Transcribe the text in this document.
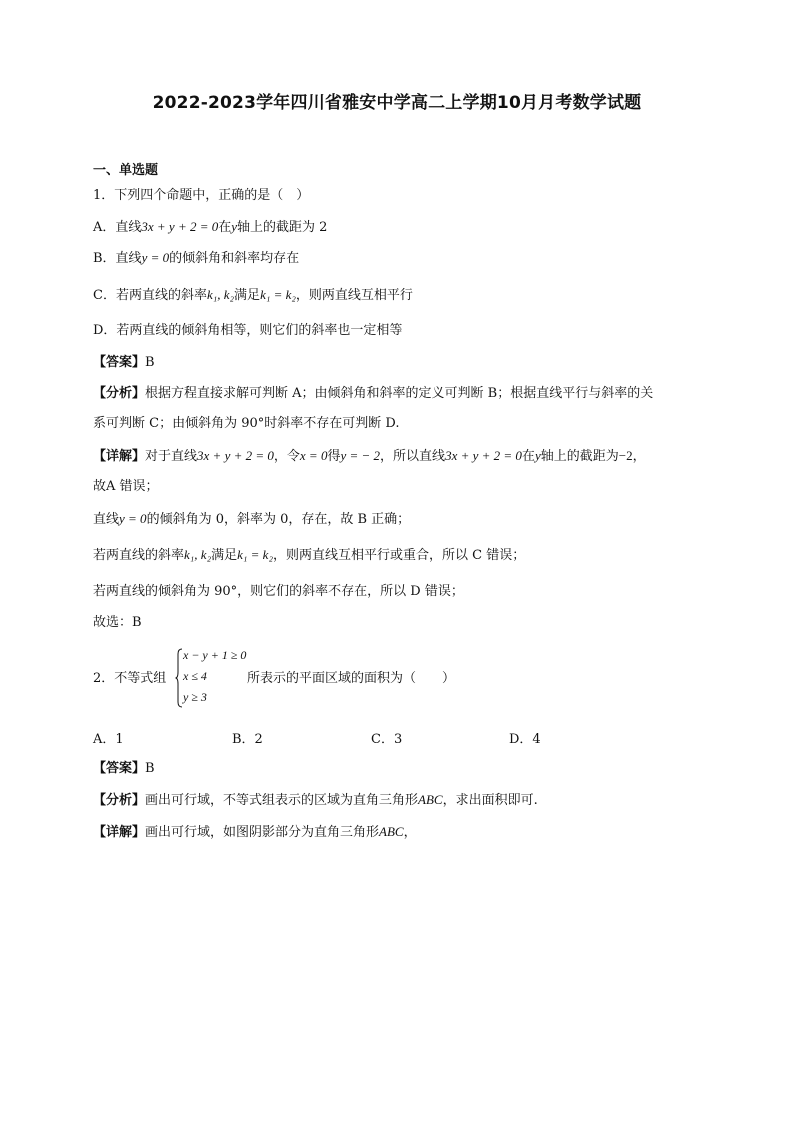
2022-2023学年四川省雅安中学高二上学期10月月考数学试题
一、单选题
1．下列四个命题中，正确的是（　）
A．直线3x + y + 2 = 0在y轴上的截距为 2
B．直线y = 0的倾斜角和斜率均存在
C．若两直线的斜率k₁, k₂满足k₁ = k₂，则两直线互相平行
D．若两直线的倾斜角相等，则它们的斜率也一定相等
【答案】B
【分析】根据方程直接求解可判断 A；由倾斜角和斜率的定义可判断 B；根据直线平行与斜率的关
系可判断 C；由倾斜角为 90°时斜率不存在可判断 D.
【详解】对于直线3x + y + 2 = 0，令x = 0得y = − 2，所以直线3x + y + 2 = 0在y轴上的截距为−2，
故A 错误；
直线y = 0的倾斜角为 0，斜率为 0，存在，故 B 正确；
若两直线的斜率k₁, k₂满足k₁ = k₂，则两直线互相平行或重合，所以 C 错误；
若两直线的倾斜角为 90°，则它们的斜率不存在，所以 D 错误；
故选：B
2．不等式组
x − y + 1 ≥ 0
x ≤ 4
y ≥ 3
所表示的平面区域的面积为（　　）
A．1	B．2	C．3	D．4
【答案】B
【分析】画出可行域，不等式组表示的区域为直角三角形ABC，求出面积即可.
【详解】画出可行域，如图阴影部分为直角三角形ABC，
